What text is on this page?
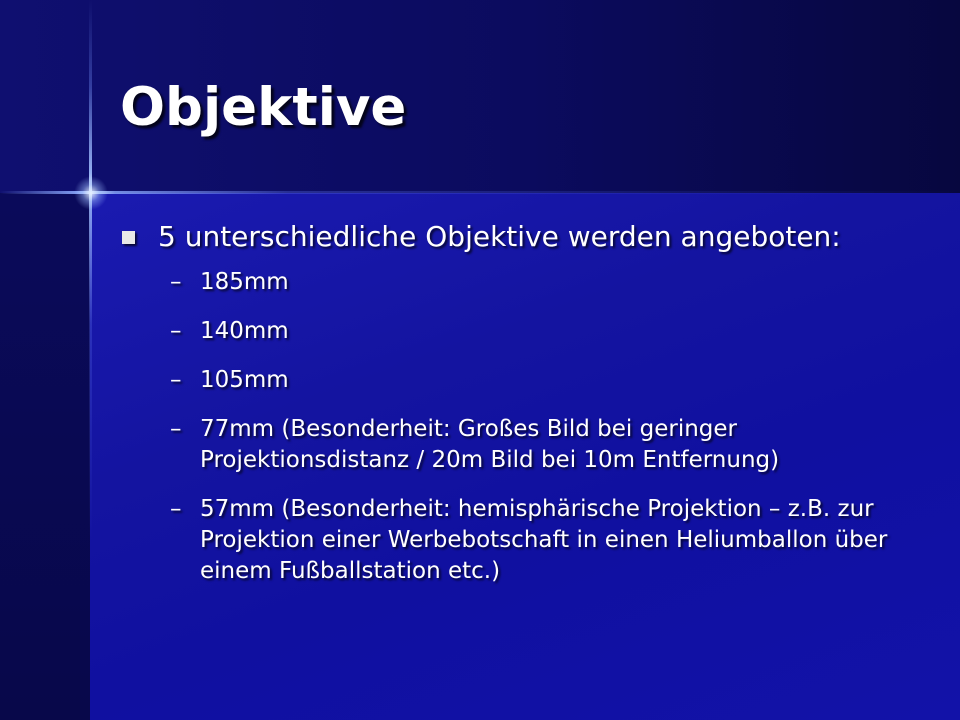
Objektive
5 unterschiedliche Objektive werden angeboten:
– 185mm
– 140mm
– 105mm
– 77mm (Besonderheit: Großes Bild bei geringer Projektionsdistanz / 20m Bild bei 10m Entfernung)
– 57mm (Besonderheit: hemisphärische Projektion – z.B. zur Projektion einer Werbebotschaft in einen Heliumballon über einem Fußballstation etc.)
